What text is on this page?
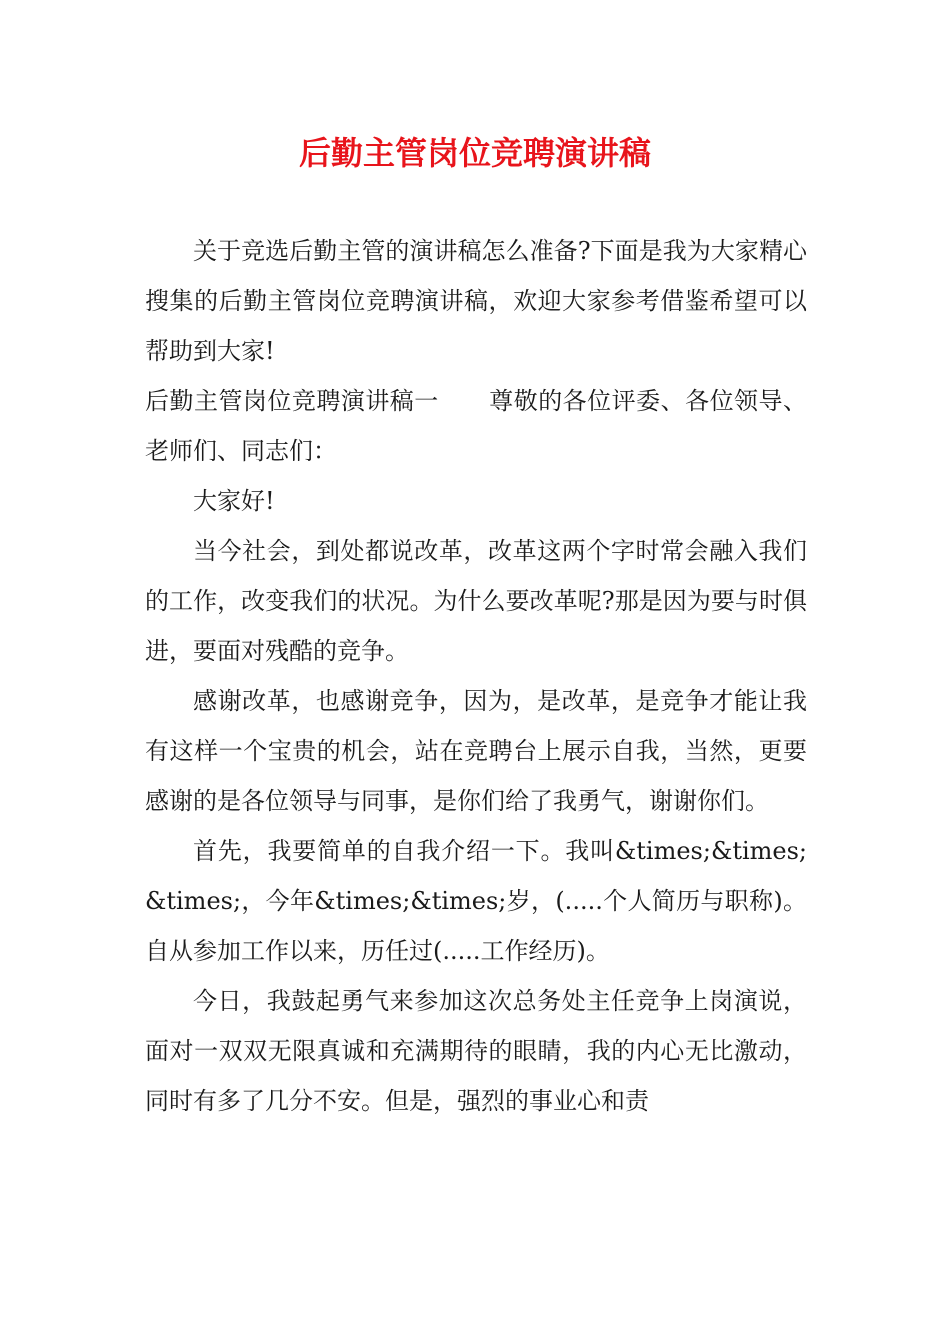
后勤主管岗位竞聘演讲稿

关于竞选后勤主管的演讲稿怎么准备?下面是我为大家精心搜集的后勤主管岗位竞聘演讲稿，欢迎大家参考借鉴希望可以帮助到大家!

后勤主管岗位竞聘演讲稿一 尊敬的各位评委、各位领导、老师们、同志们：

大家好!

当今社会，到处都说改革，改革这两个字时常会融入我们的工作，改变我们的状况。为什么要改革呢?那是因为要与时俱进，要面对残酷的竞争。

感谢改革，也感谢竞争，因为，是改革，是竞争才能让我有这样一个宝贵的机会，站在竞聘台上展示自我，当然，更要感谢的是各位领导与同事，是你们给了我勇气，谢谢你们。

首先，我要简单的自我介绍一下。我叫&times;&times;&times;，今年&times;&times;岁，(.....个人简历与职称)。自从参加工作以来，历任过(.....工作经历)。

今日，我鼓起勇气来参加这次总务处主任竞争上岗演说，面对一双双无限真诚和充满期待的眼睛，我的内心无比激动，同时有多了几分不安。但是，强烈的事业心和责
